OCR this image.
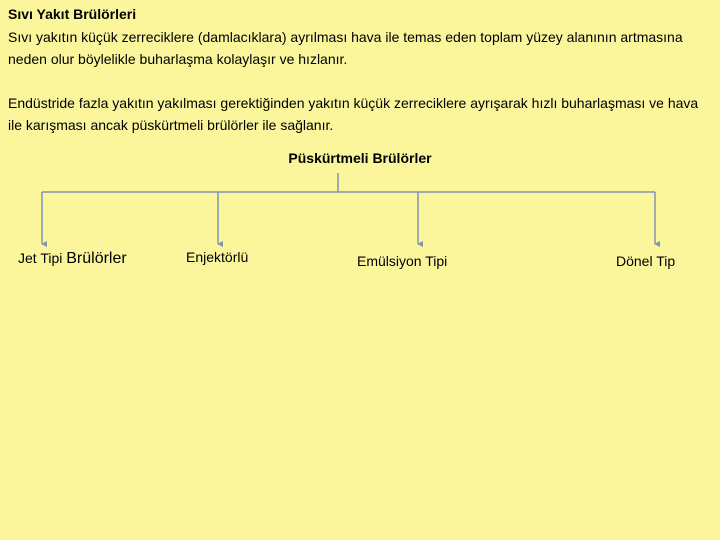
Sıvı Yakıt Brülörleri

Sıvı yakıtın küçük zerreciklere (damlacıklara) ayrılması hava ile temas eden toplam yüzey alanının artmasına neden olur böylelikle buharlaşma kolaylaşır ve hızlanır.

Endüstride fazla yakıtın yakılması gerektiğinden yakıtın küçük zerreciklere ayrışarak hızlı buharlaşması ve hava ile karışması ancak püskürtmeli brülörler ile sağlanır.

Püskürtmeli Brülörler
Jet Tipi Brülörler	Enjektörlü	Emülsiyon Tipi	Dönel Tip
